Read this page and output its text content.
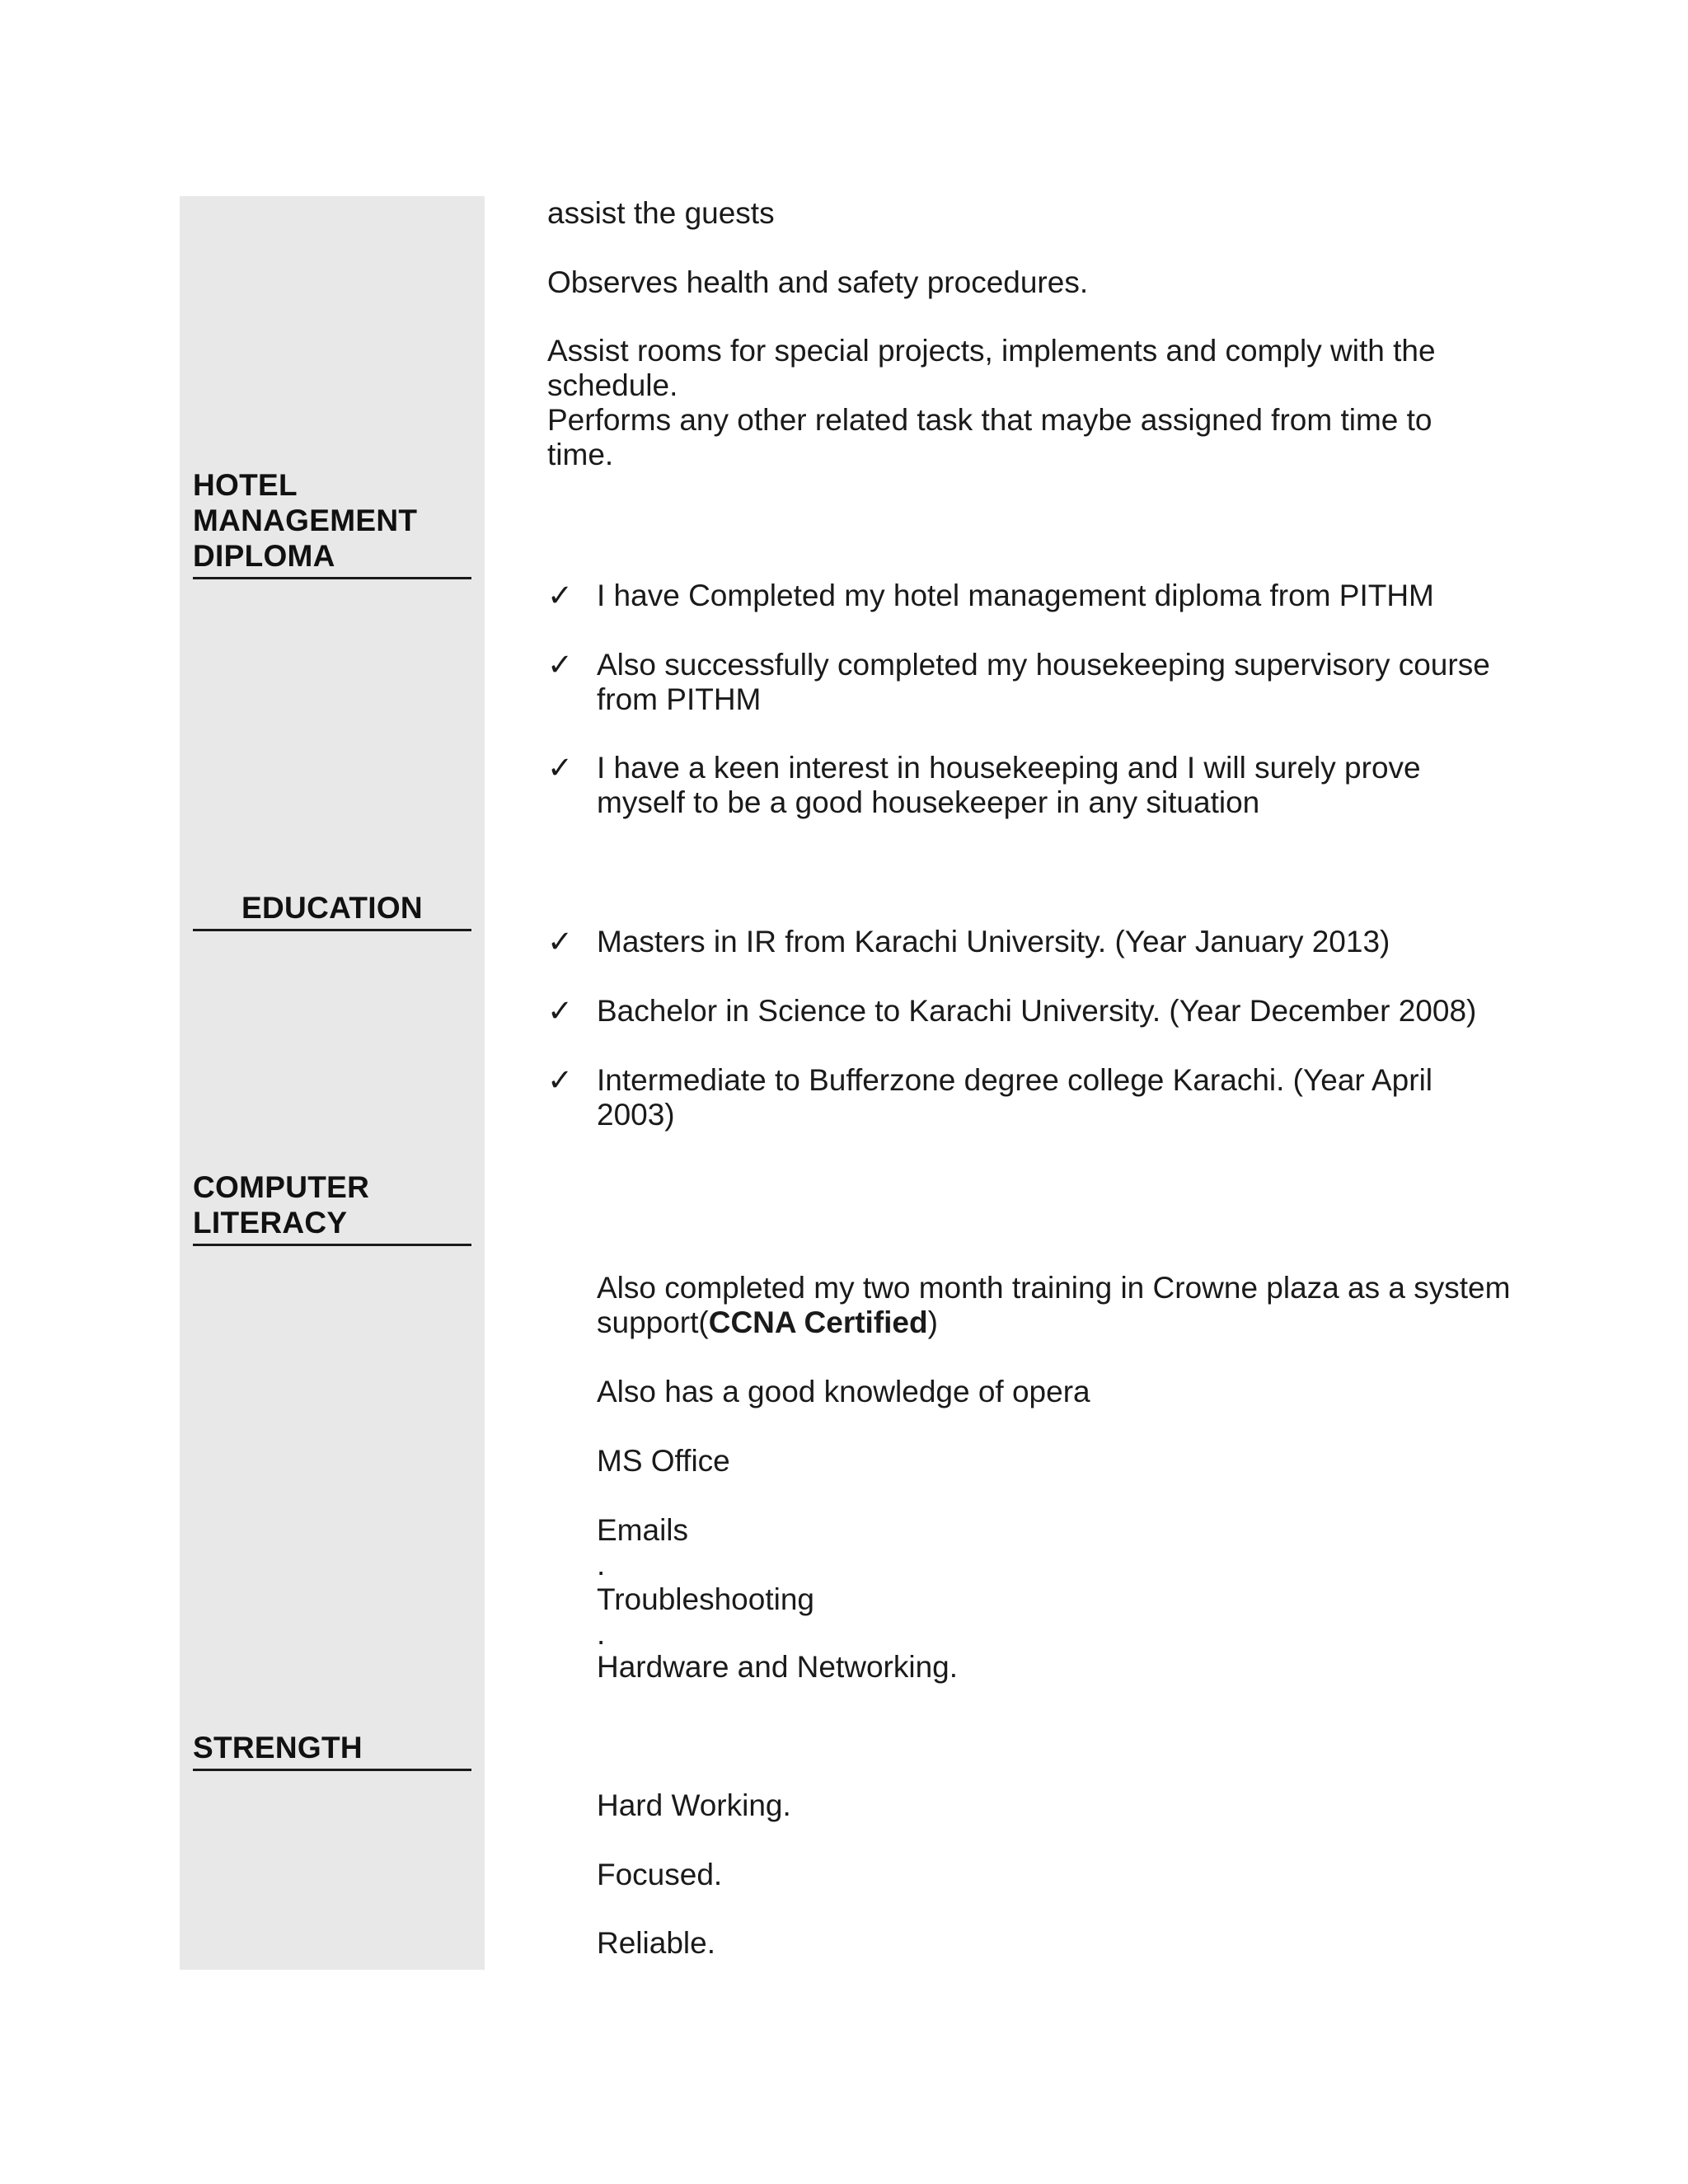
HOTEL MANAGEMENT DIPLOMA
EDUCATION
COMPUTER LITERACY
STRENGTH

assist the guests

Observes health and safety procedures.

Assist rooms for special projects, implements and comply with the schedule.

Performs any other related task that maybe assigned from time to time.

✓ I have Completed my hotel management diploma from PITHM
✓ Also successfully completed my housekeeping supervisory course from PITHM
✓ I have a keen interest in housekeeping and I will surely prove myself to be a good housekeeper in any situation
✓ Masters in IR from Karachi University. (Year January 2013)
✓ Bachelor in Science to Karachi University. (Year December 2008)
✓ Intermediate to Bufferzone degree college Karachi. (Year April 2003)

Also completed my two month training in Crowne plaza as a system support(CCNA Certified)

Also has a good knowledge of opera

MS Office

Emails

.

Troubleshooting

.

Hardware and Networking.

Hard Working.

Focused.

Reliable.
